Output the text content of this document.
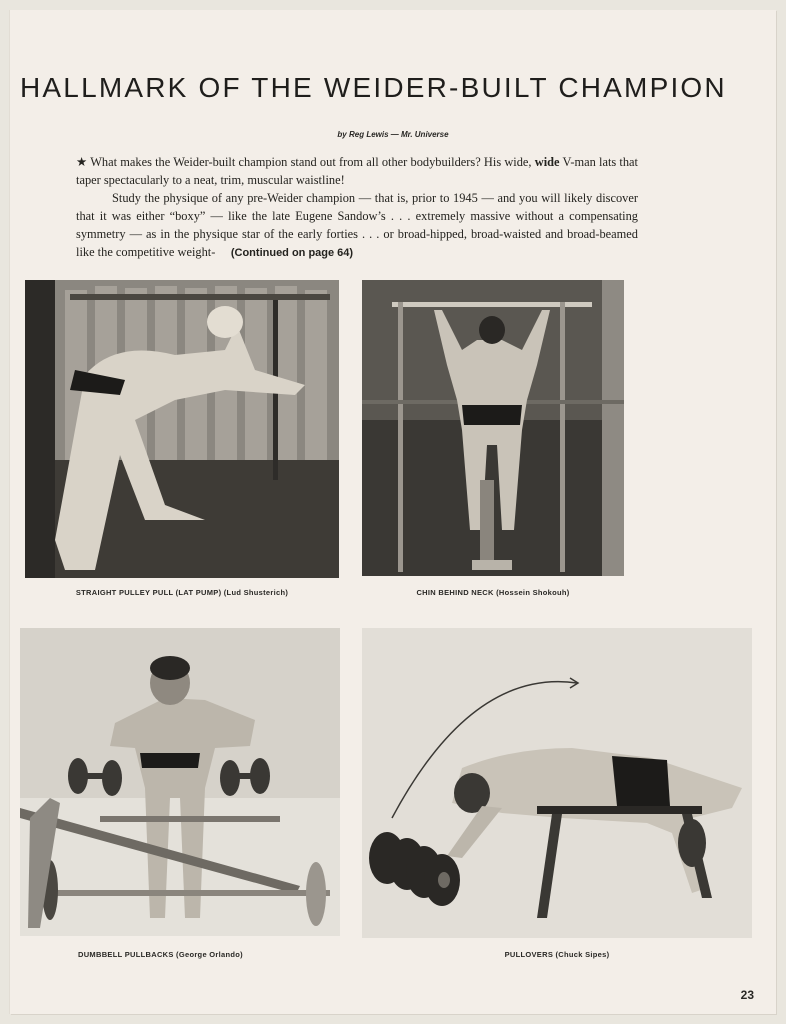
HALLMARK OF THE WEIDER-BUILT CHAMPION
by Reg Lewis — Mr. Universe

★ What makes the Weider-built champion stand out from all other bodybuilders? His wide, wide V-man lats that taper spectacularly to a neat, trim, muscular waistline!

Study the physique of any pre-Weider champion — that is, prior to 1945 — and you will likely discover that it was either “boxy” — like the late Eugene Sandow’s . . . extremely massive without a compensating symmetry — as in the physique star of the early forties . . . or broad-hipped, broad-waisted and broad-beamed like the competitive weight- (Continued on page 64)

STRAIGHT PULLEY PULL (LAT PUMP) (Lud Shusterich)	CHIN BEHIND NECK (Hossein Shokouh)
DUMBBELL PULLBACKS (George Orlando)	PULLOVERS (Chuck Sipes)
23
